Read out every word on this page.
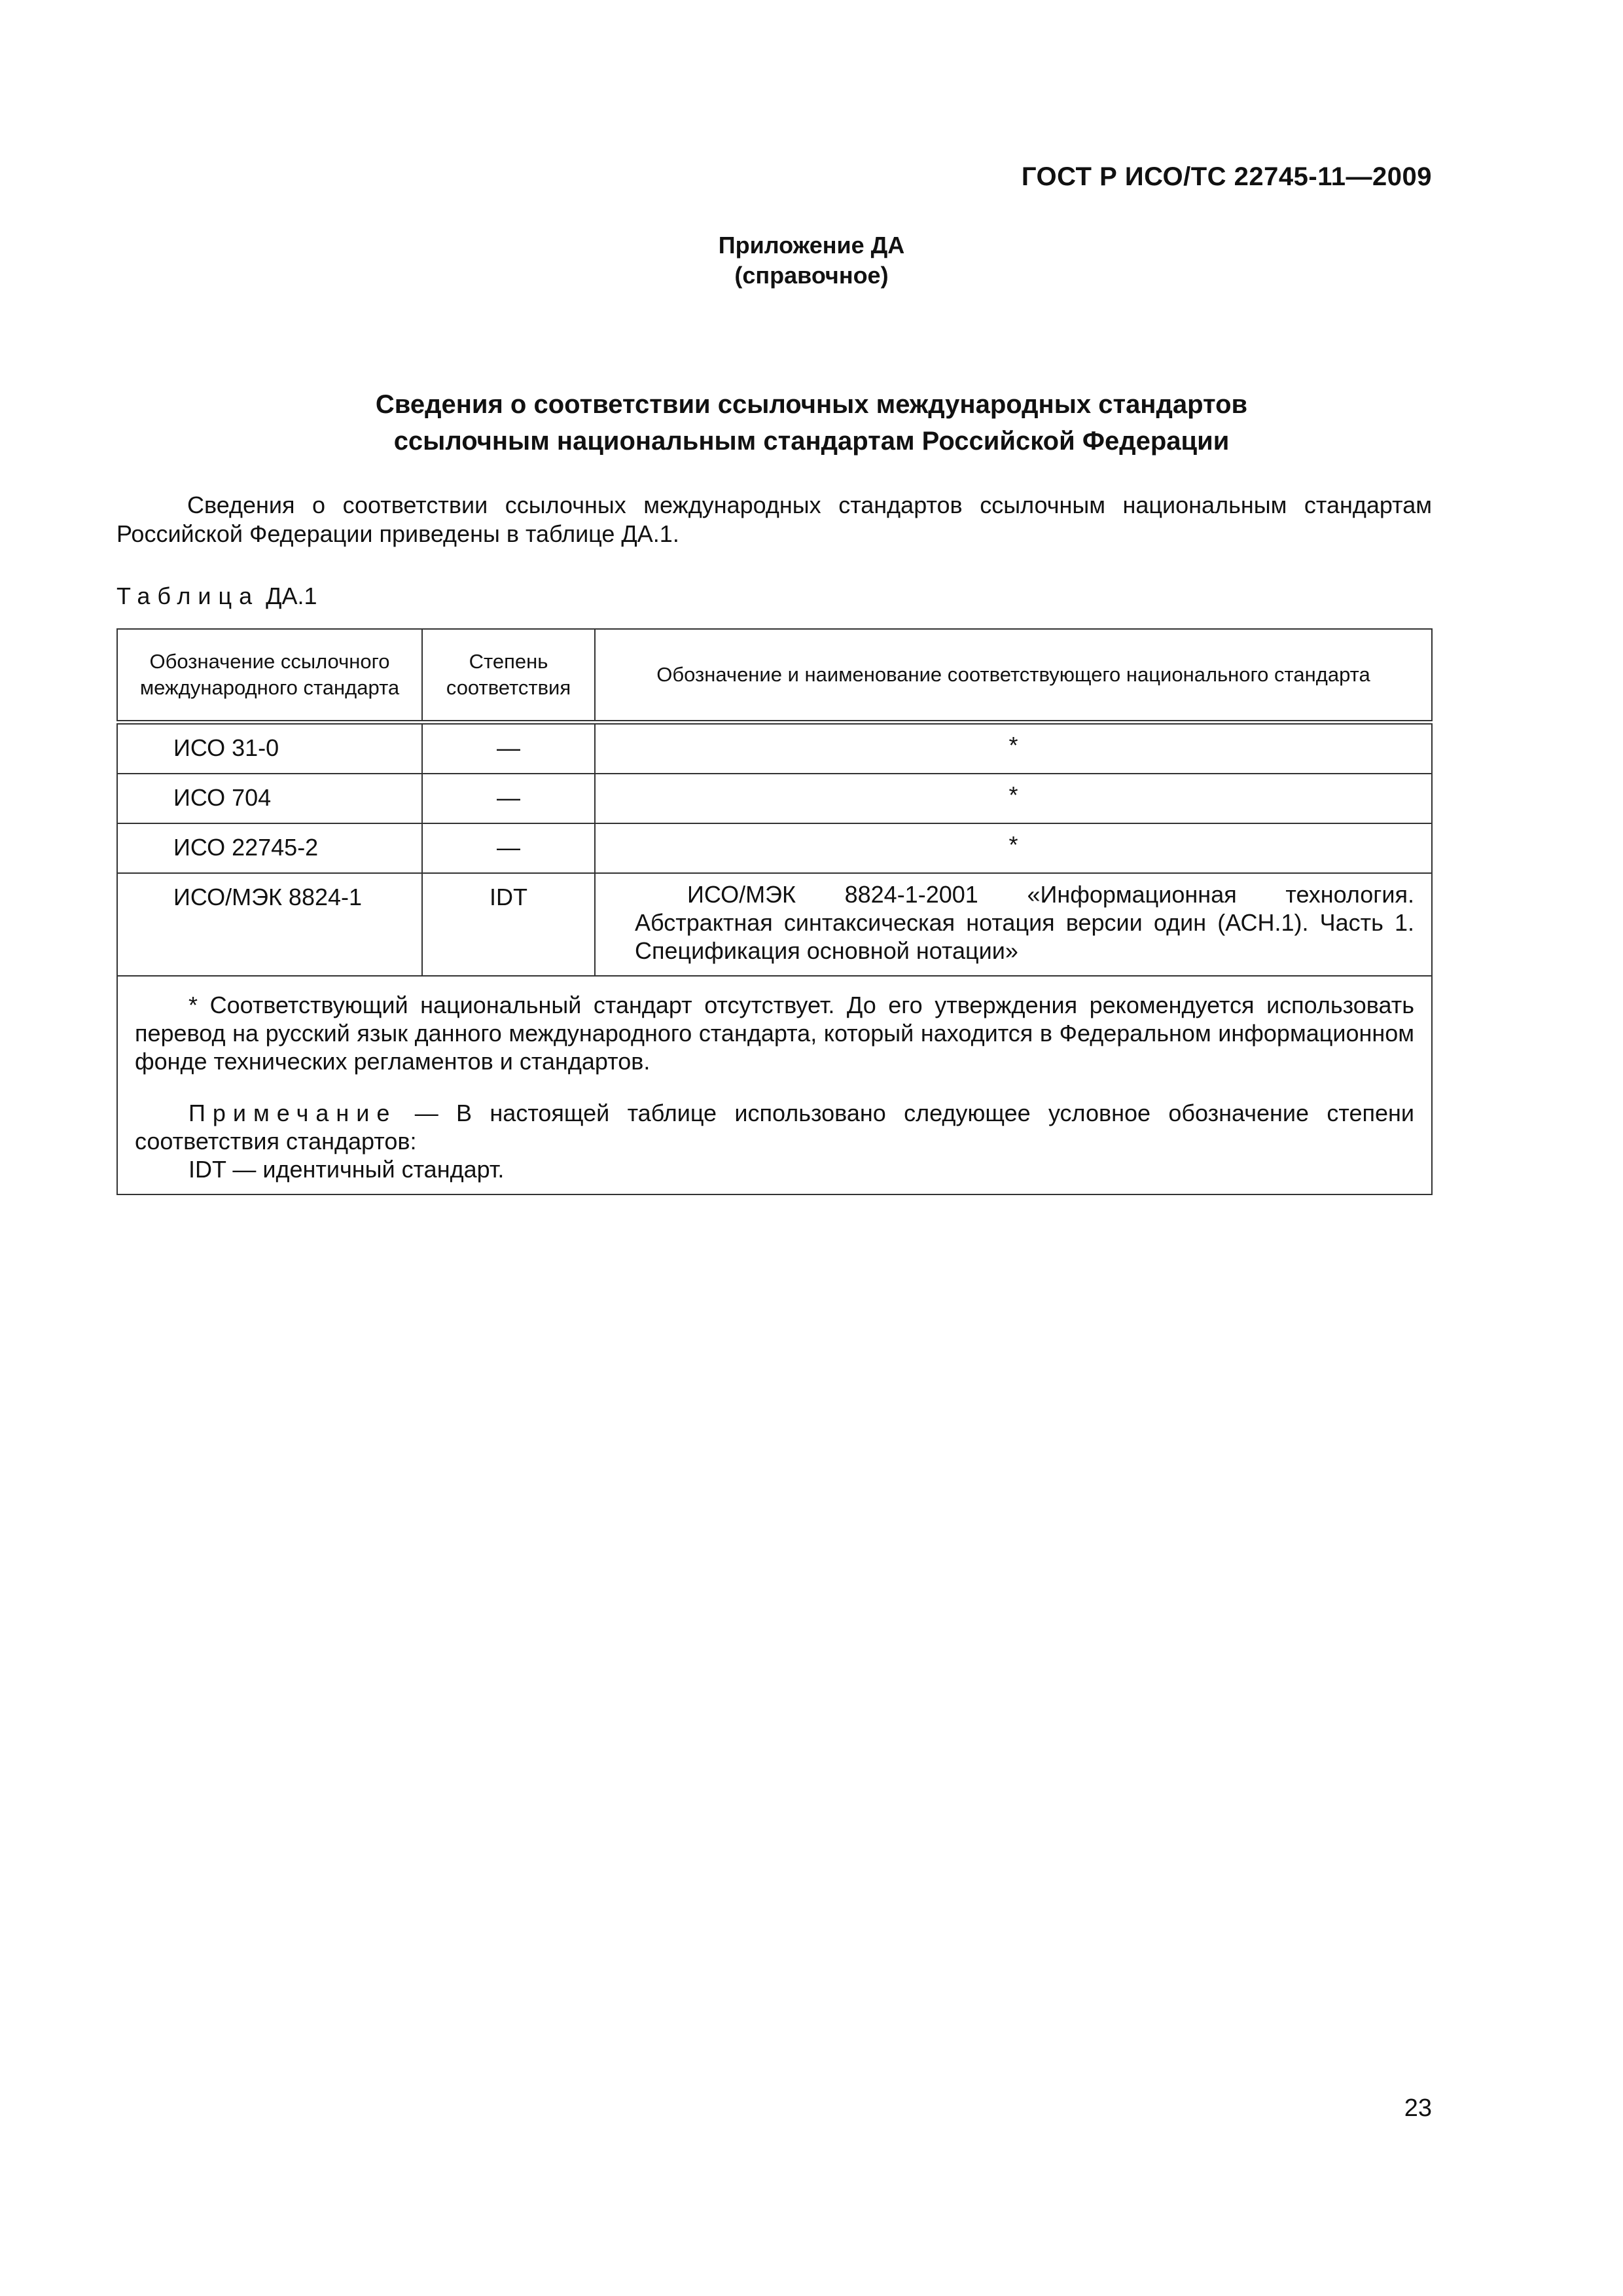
ГОСТ Р ИСО/ТС 22745-11—2009
Приложение ДА
(справочное)
Сведения о соответствии ссылочных международных стандартов
ссылочным национальным стандартам Российской Федерации
Сведения о соответствии ссылочных международных стандартов ссылочным национальным стандартам Российской Федерации приведены в таблице ДА.1.
Таблица ДА.1
Обозначение ссылочного международного стандарта	Степень соответствия	Обозначение и наименование соответствующего национального стандарта
ИСО 31-0	—	*
ИСО 704	—	*
ИСО 22745-2	—	*
ИСО/МЭК 8824-1	IDT	ИСО/МЭК 8824-1-2001 «Информационная технология. Абстрактная синтаксическая нотация версии один (АСН.1). Часть 1. Спецификация основной нотации»

* Соответствующий национальный стандарт отсутствует. До его утверждения рекомендуется использовать перевод на русский язык данного международного стандарта, который находится в Федеральном информационном фонде технических регламентов и стандартов.
Примечание — В настоящей таблице использовано следующее условное обозначение степени соответствия стандартов:
IDT — идентичный стандарт.		
23
